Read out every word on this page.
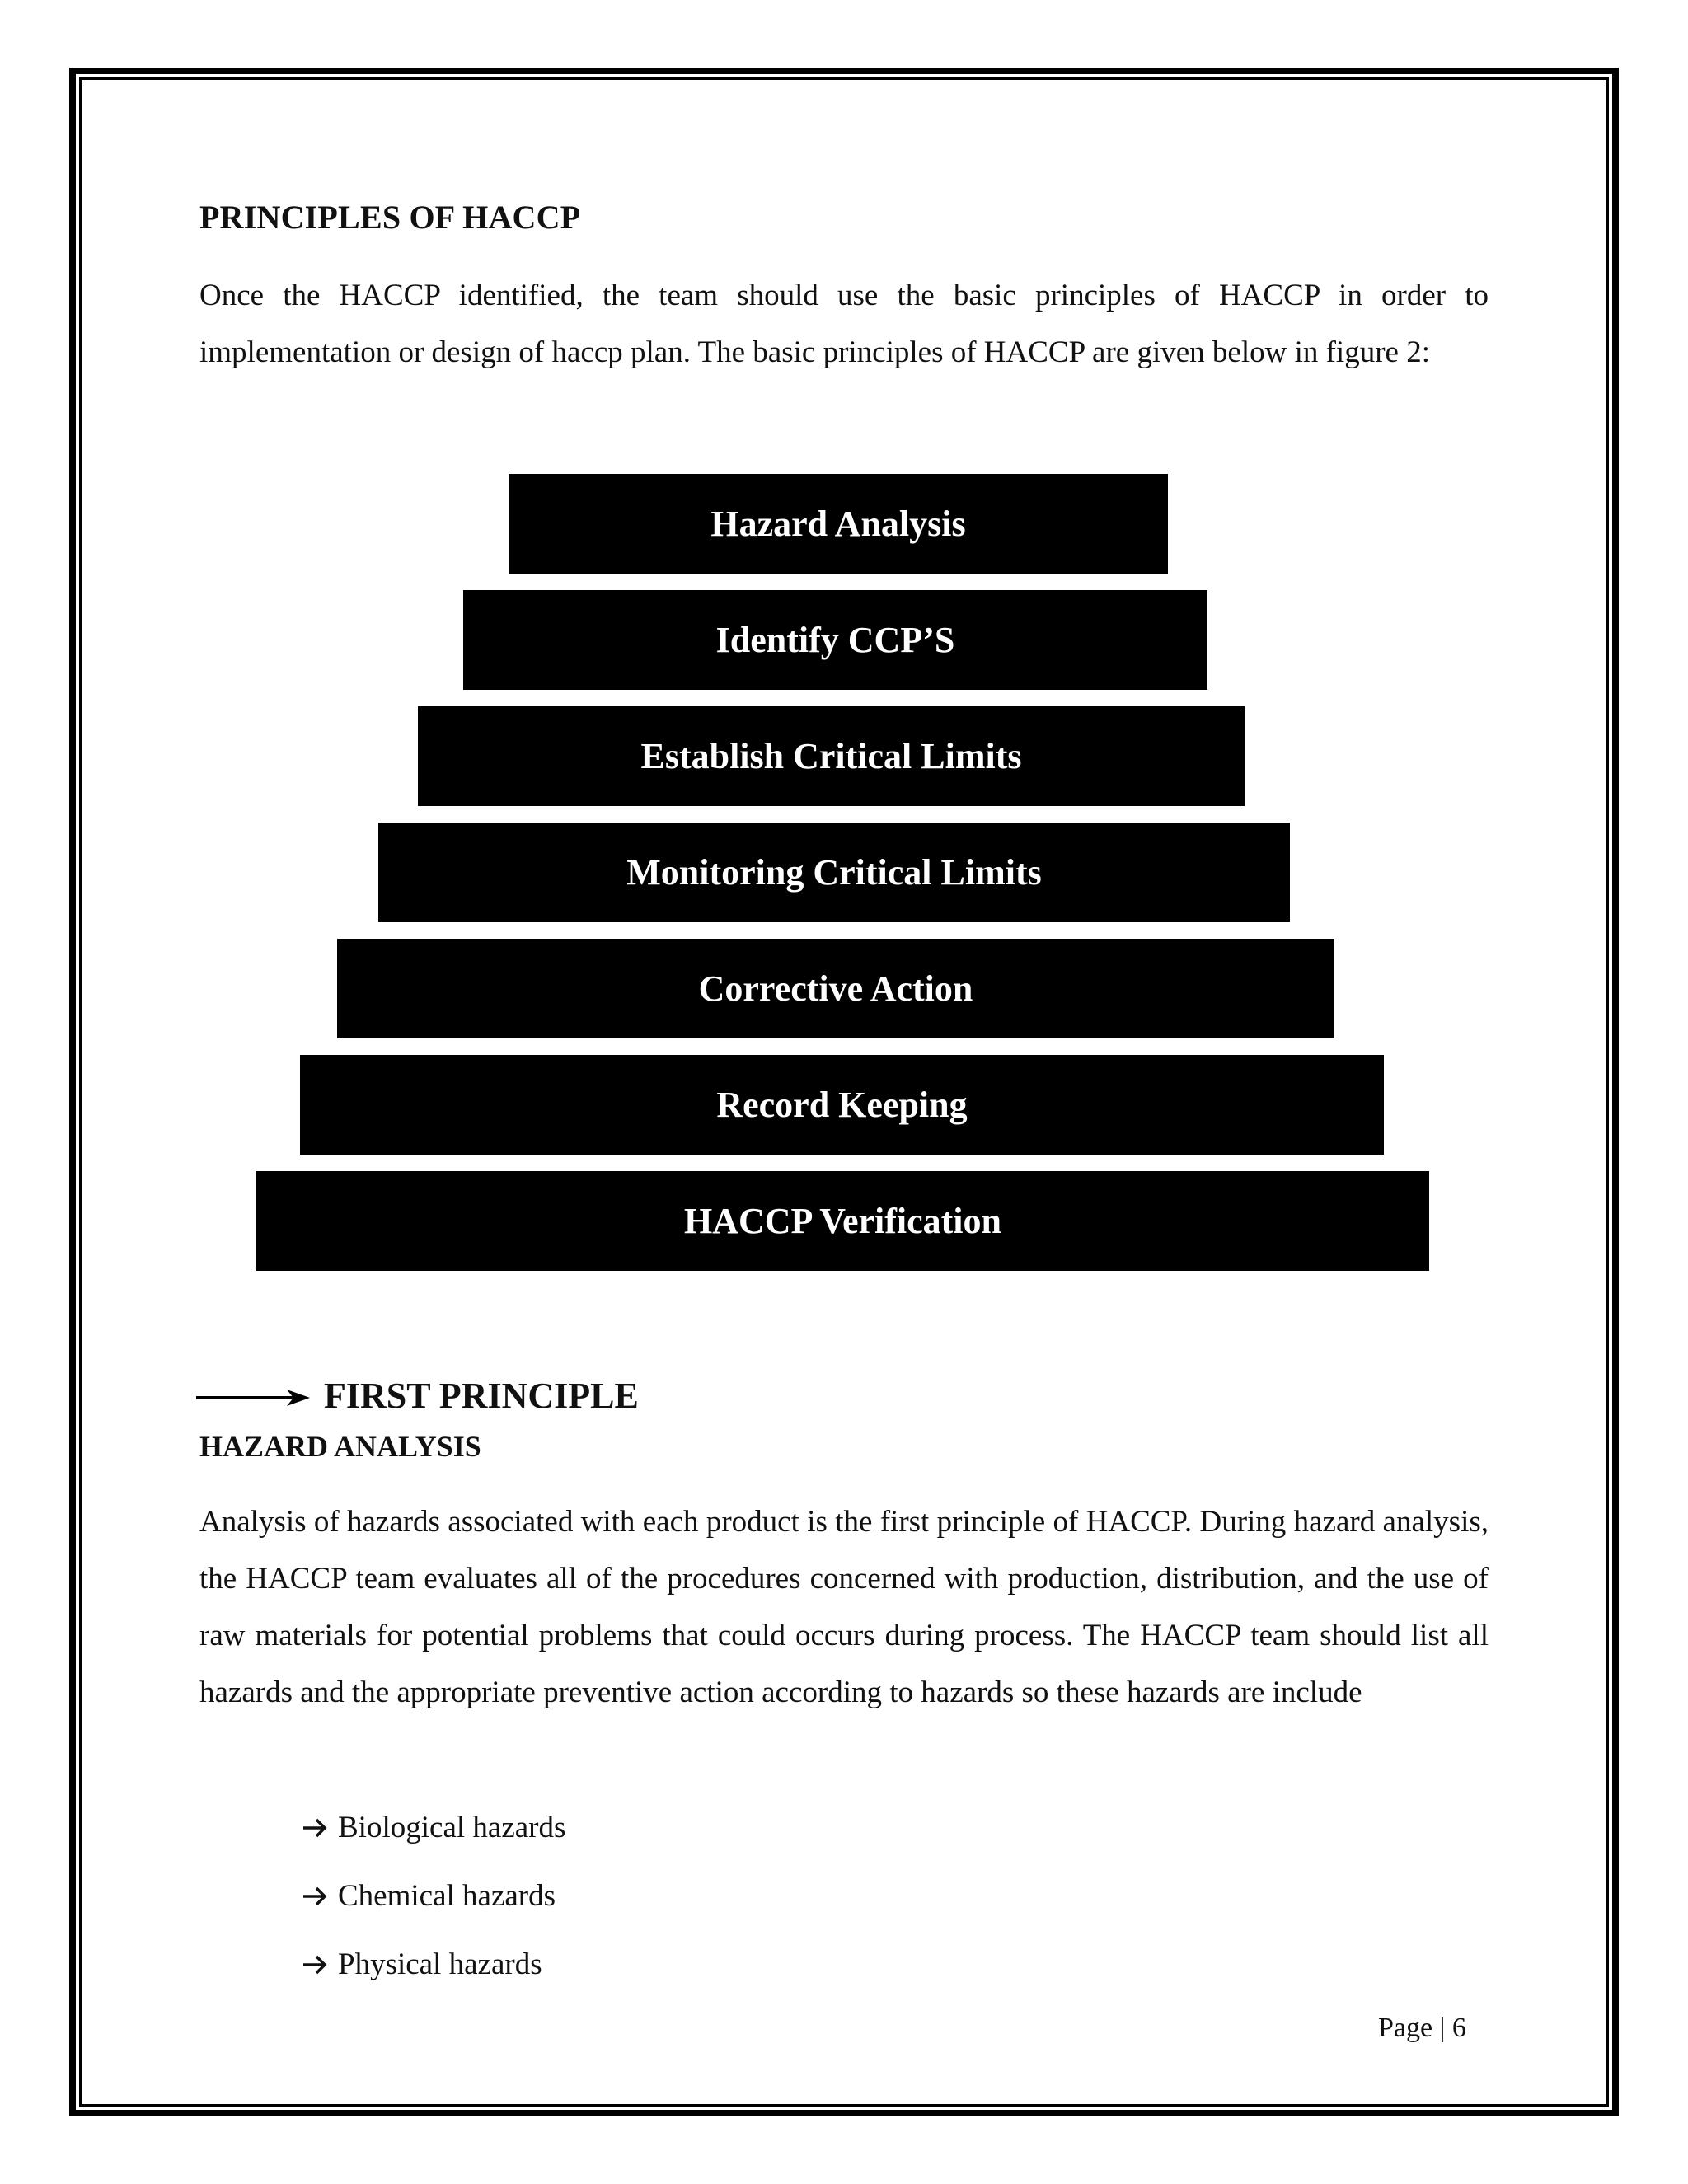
PRINCIPLES OF HACCP
Once the HACCP identified, the team should use the basic principles of HACCP in order to implementation or design of haccp plan. The basic principles of HACCP are given below in figure 2:
Hazard Analysis
Identify CCP’S
Establish Critical Limits
Monitoring Critical Limits
Corrective Action
Record Keeping
HACCP Verification
FIRST PRINCIPLE
HAZARD ANALYSIS
Analysis of hazards associated with each product is the first principle of HACCP. During hazard analysis, the HACCP team evaluates all of the procedures concerned with production, distribution, and the use of raw materials for potential problems that could occurs during process. The HACCP team should list all hazards and the appropriate preventive action according to hazards so these hazards are include
Biological hazards
Chemical hazards
Physical hazards
Page | 6
